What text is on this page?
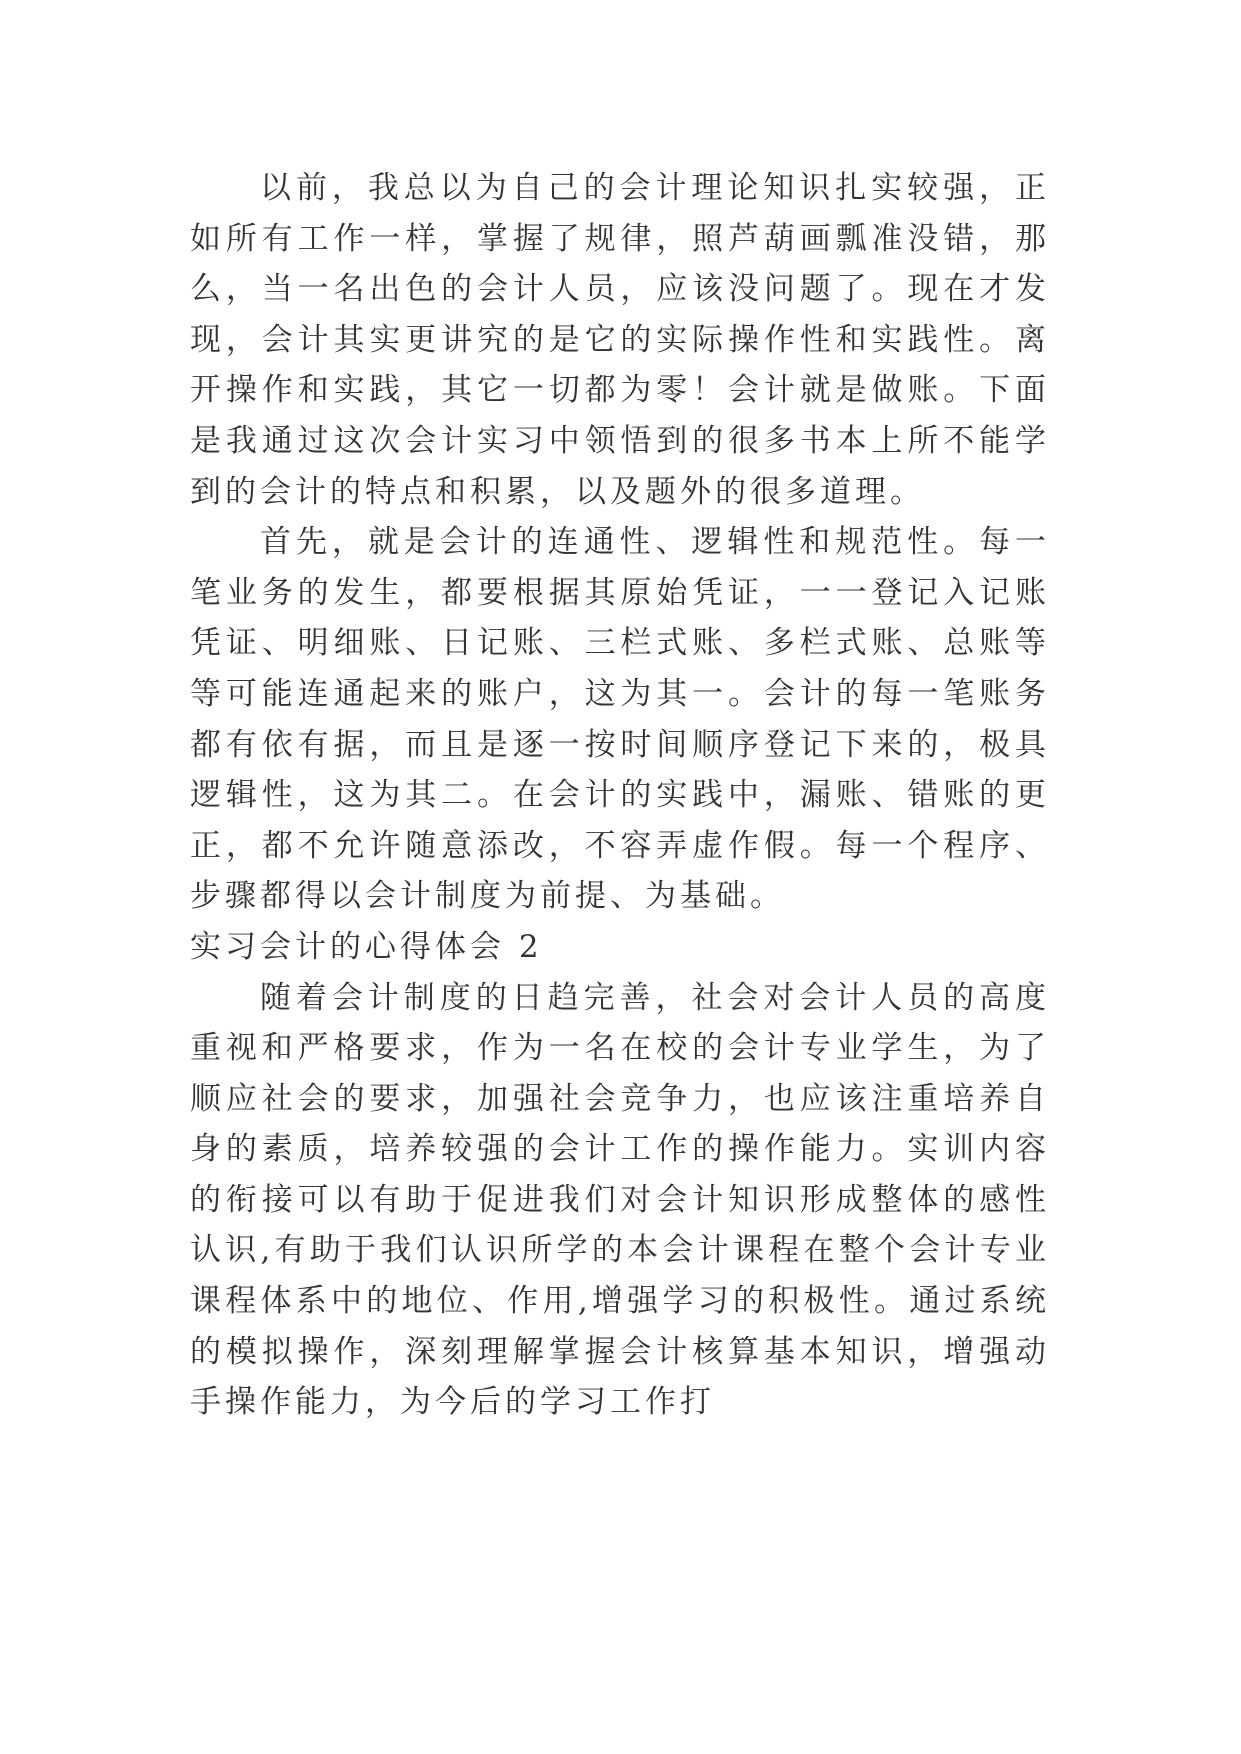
以前，我总以为自己的会计理论知识扎实较强，正如所有工作一样，掌握了规律，照芦葫画瓢准没错，那么，当一名出色的会计人员，应该没问题了。现在才发现，会计其实更讲究的是它的实际操作性和实践性。离开操作和实践，其它一切都为零！会计就是做账。下面是我通过这次会计实习中领悟到的很多书本上所不能学到的会计的特点和积累，以及题外的很多道理。

首先，就是会计的连通性、逻辑性和规范性。每一笔业务的发生，都要根据其原始凭证，一一登记入记账凭证、明细账、日记账、三栏式账、多栏式账、总账等等可能连通起来的账户，这为其一。会计的每一笔账务都有依有据，而且是逐一按时间顺序登记下来的，极具逻辑性，这为其二。在会计的实践中，漏账、错账的更正，都不允许随意添改，不容弄虚作假。每一个程序、步骤都得以会计制度为前提、为基础。

实习会计的心得体会 2

随着会计制度的日趋完善，社会对会计人员的高度重视和严格要求，作为一名在校的会计专业学生，为了顺应社会的要求，加强社会竞争力，也应该注重培养自身的素质，培养较强的会计工作的操作能力。实训内容的衔接可以有助于促进我们对会计知识形成整体的感性认识,有助于我们认识所学的本会计课程在整个会计专业课程体系中的地位、作用,增强学习的积极性。通过系统的模拟操作，深刻理解掌握会计核算基本知识，增强动手操作能力，为今后的学习工作打
